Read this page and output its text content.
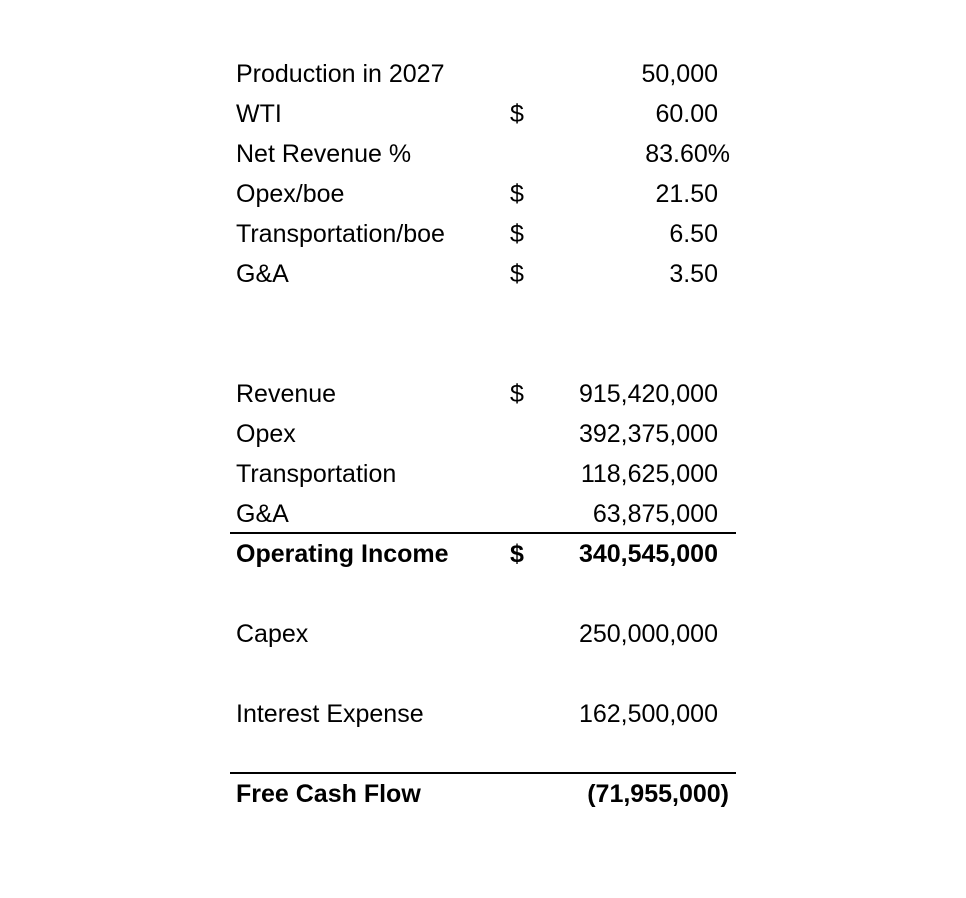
Production in 2027	50,000
WTI	$	60.00
Net Revenue %	83.60%
Opex/boe	$	21.50
Transportation/boe	$	6.50
G&A	$	3.50
Revenue	$ 915,420,000
Opex	392,375,000
Transportation	118,625,000
G&A	63,875,000
Operating Income $ 340,545,000
Capex	250,000,000
Interest Expense	162,500,000
Free Cash Flow	(71,955,000)
